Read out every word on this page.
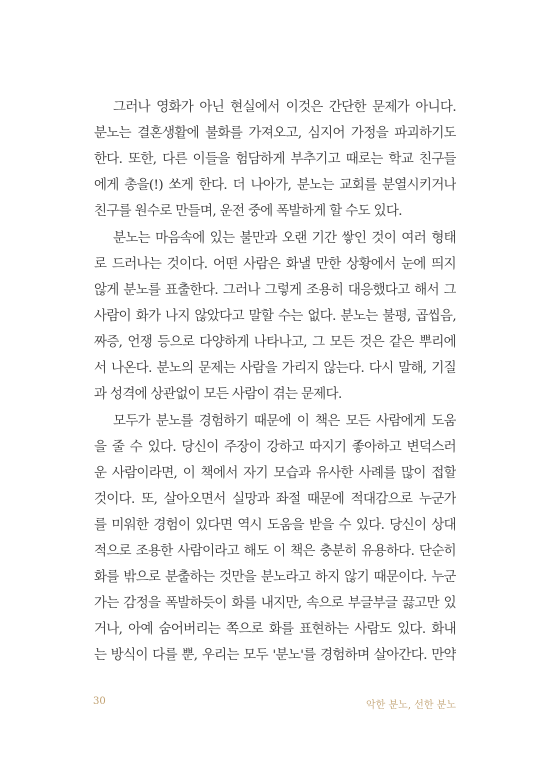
그러나 영화가 아닌 현실에서 이것은 간단한 문제가 아니다.
분노는 결혼생활에 불화를 가져오고, 심지어 가정을 파괴하기도
한다. 또한, 다른 이들을 험담하게 부추기고 때로는 학교 친구들
에게 총을(!) 쏘게 한다. 더 나아가, 분노는 교회를 분열시키거나
친구를 원수로 만들며, 운전 중에 폭발하게 할 수도 있다.
분노는 마음속에 있는 불만과 오랜 기간 쌓인 것이 여러 형태
로 드러나는 것이다. 어떤 사람은 화낼 만한 상황에서 눈에 띄지
않게 분노를 표출한다. 그러나 그렇게 조용히 대응했다고 해서 그
사람이 화가 나지 않았다고 말할 수는 없다. 분노는 불평, 곱씹음,
짜증, 언쟁 등으로 다양하게 나타나고, 그 모든 것은 같은 뿌리에
서 나온다. 분노의 문제는 사람을 가리지 않는다. 다시 말해, 기질
과 성격에 상관없이 모든 사람이 겪는 문제다.
모두가 분노를 경험하기 때문에 이 책은 모든 사람에게 도움
을 줄 수 있다. 당신이 주장이 강하고 따지기 좋아하고 변덕스러
운 사람이라면, 이 책에서 자기 모습과 유사한 사례를 많이 접할
것이다. 또, 살아오면서 실망과 좌절 때문에 적대감으로 누군가
를 미워한 경험이 있다면 역시 도움을 받을 수 있다. 당신이 상대
적으로 조용한 사람이라고 해도 이 책은 충분히 유용하다. 단순히
화를 밖으로 분출하는 것만을 분노라고 하지 않기 때문이다. 누군
가는 감정을 폭발하듯이 화를 내지만, 속으로 부글부글 끓고만 있
거나, 아예 숨어버리는 쪽으로 화를 표현하는 사람도 있다. 화내
는 방식이 다를 뿐, 우리는 모두 '분노'를 경험하며 살아간다. 만약
30	악한 분노, 선한 분노
